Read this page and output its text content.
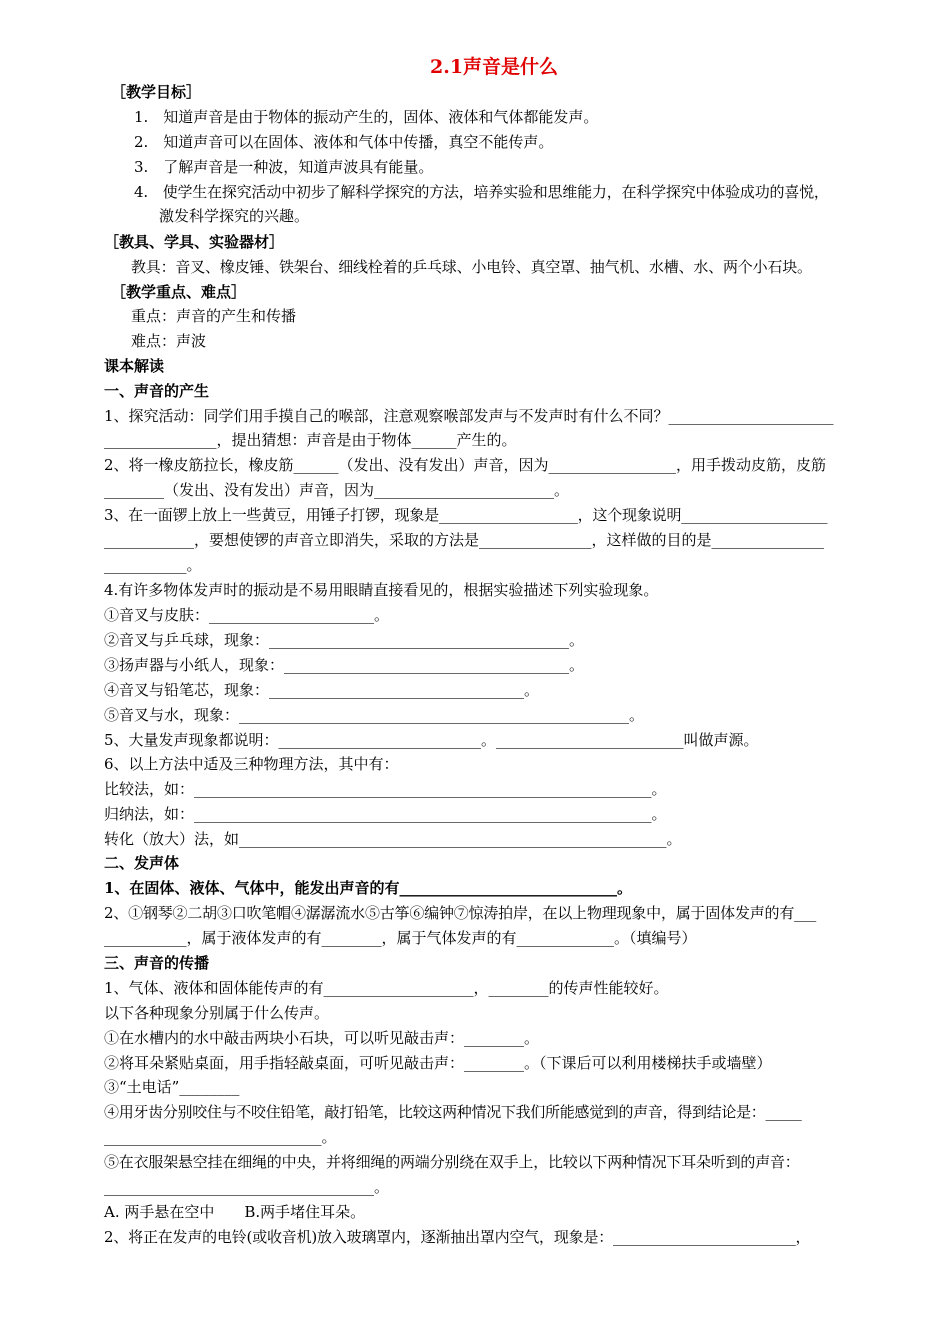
2.1声音是什么
［教学目标］
1.　知道声音是由于物体的振动产生的，固体、液体和气体都能发声。
2.　知道声音可以在固体、液体和气体中传播，真空不能传声。
3.　了解声音是一种波，知道声波具有能量。
4.　使学生在探究活动中初步了解科学探究的方法，培养实验和思维能力，在科学探究中体验成功的喜悦，
激发科学探究的兴趣。
［教具、学具、实验器材］
教具：音叉、橡皮锤、铁架台、细线栓着的乒乓球、小电铃、真空罩、抽气机、水槽、水、两个小石块。
［教学重点、难点］
重点：声音的产生和传播
难点：声波
课本解读
一、声音的产生
1、探究活动：同学们用手摸自己的喉部，注意观察喉部发声与不发声时有什么不同？______________________
_______________，提出猜想：声音是由于物体______产生的。
2、将一橡皮筋拉长，橡皮筋______（发出、没有发出）声音，因为_________________，用手拨动皮筋，皮筋
________（发出、没有发出）声音，因为________________________。
3、在一面锣上放上一些黄豆，用锤子打锣，现象是___________________，这个现象说明____________________
____________，要想使锣的声音立即消失，采取的方法是_______________，这样做的目的是_______________
___________。
4.有许多物体发声时的振动是不易用眼睛直接看见的，根据实验描述下列实验现象。
①音叉与皮肤：______________________。
②音叉与乒乓球，现象：________________________________________。
③扬声器与小纸人，现象：______________________________________。
④音叉与铅笔芯，现象：__________________________________。
⑤音叉与水，现象：____________________________________________________。
5、大量发声现象都说明：___________________________。_________________________叫做声源。
6、以上方法中适及三种物理方法，其中有：
比较法，如：_____________________________________________________________。
归纳法，如：_____________________________________________________________。
转化（放大）法，如_________________________________________________________。
二、发声体
1、在固体、液体、气体中，能发出声音的有_____________________________。
2、①钢琴②二胡③口吹笔帽④潺潺流水⑤古筝⑥编钟⑦惊涛拍岸，在以上物理现象中，属于固体发声的有___
___________，属于液体发声的有________，属于气体发声的有_____________。（填编号）
三、声音的传播
1、气体、液体和固体能传声的有____________________，________的传声性能较好。
以下各种现象分别属于什么传声。
①在水槽内的水中敲击两块小石块，可以听见敲击声：________。
②将耳朵紧贴桌面，用手指轻敲桌面，可听见敲击声：________。（下课后可以利用楼梯扶手或墙壁）
③“土电话”________
④用牙齿分别咬住与不咬住铅笔，敲打铅笔，比较这两种情况下我们所能感觉到的声音，得到结论是：_____
_____________________________。
⑤在衣服架悬空挂在细绳的中央，并将细绳的两端分别绕在双手上，比较以下两种情况下耳朵听到的声音：
____________________________________。
A. 两手悬在空中　　B.两手堵住耳朵。
2、将正在发声的电铃(或收音机)放入玻璃罩内，逐渐抽出罩内空气，现象是：_________________________，
